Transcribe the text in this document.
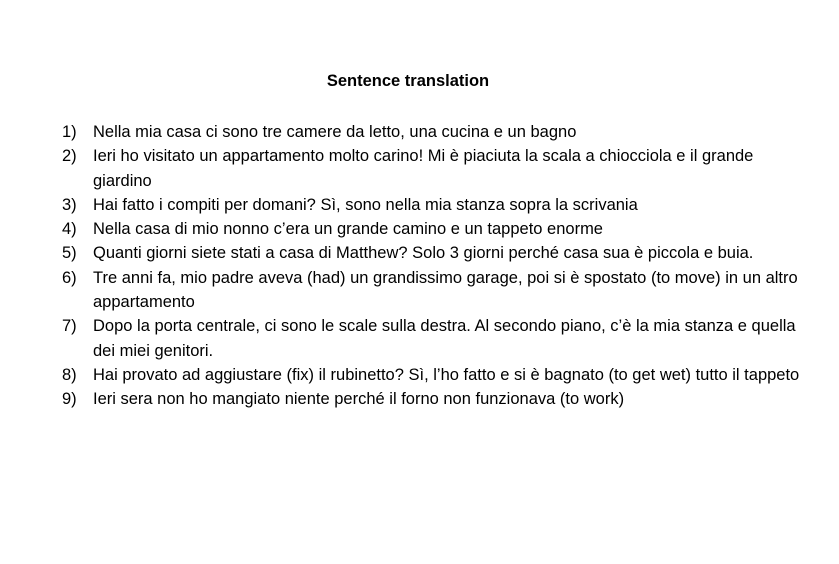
Sentence translation
1) Nella mia casa ci sono tre camere da letto, una cucina e un bagno
2) Ieri ho visitato un appartamento molto carino! Mi è piaciuta la scala a chiocciola e il grande giardino
3) Hai fatto i compiti per domani? Sì, sono nella mia stanza sopra la scrivania
4) Nella casa di mio nonno c’era un grande camino e un tappeto enorme
5) Quanti giorni siete stati a casa di Matthew? Solo 3 giorni perché casa sua è piccola e buia.
6) Tre anni fa, mio padre aveva (had) un grandissimo garage, poi si è spostato (to move) in un altro appartamento
7) Dopo la porta centrale, ci sono le scale sulla destra. Al secondo piano, c’è la mia stanza e quella dei miei genitori.
8) Hai provato ad aggiustare (fix) il rubinetto? Sì, l’ho fatto e si è bagnato (to get wet) tutto il tappeto
9) Ieri sera non ho mangiato niente perché il forno non funzionava (to work)
